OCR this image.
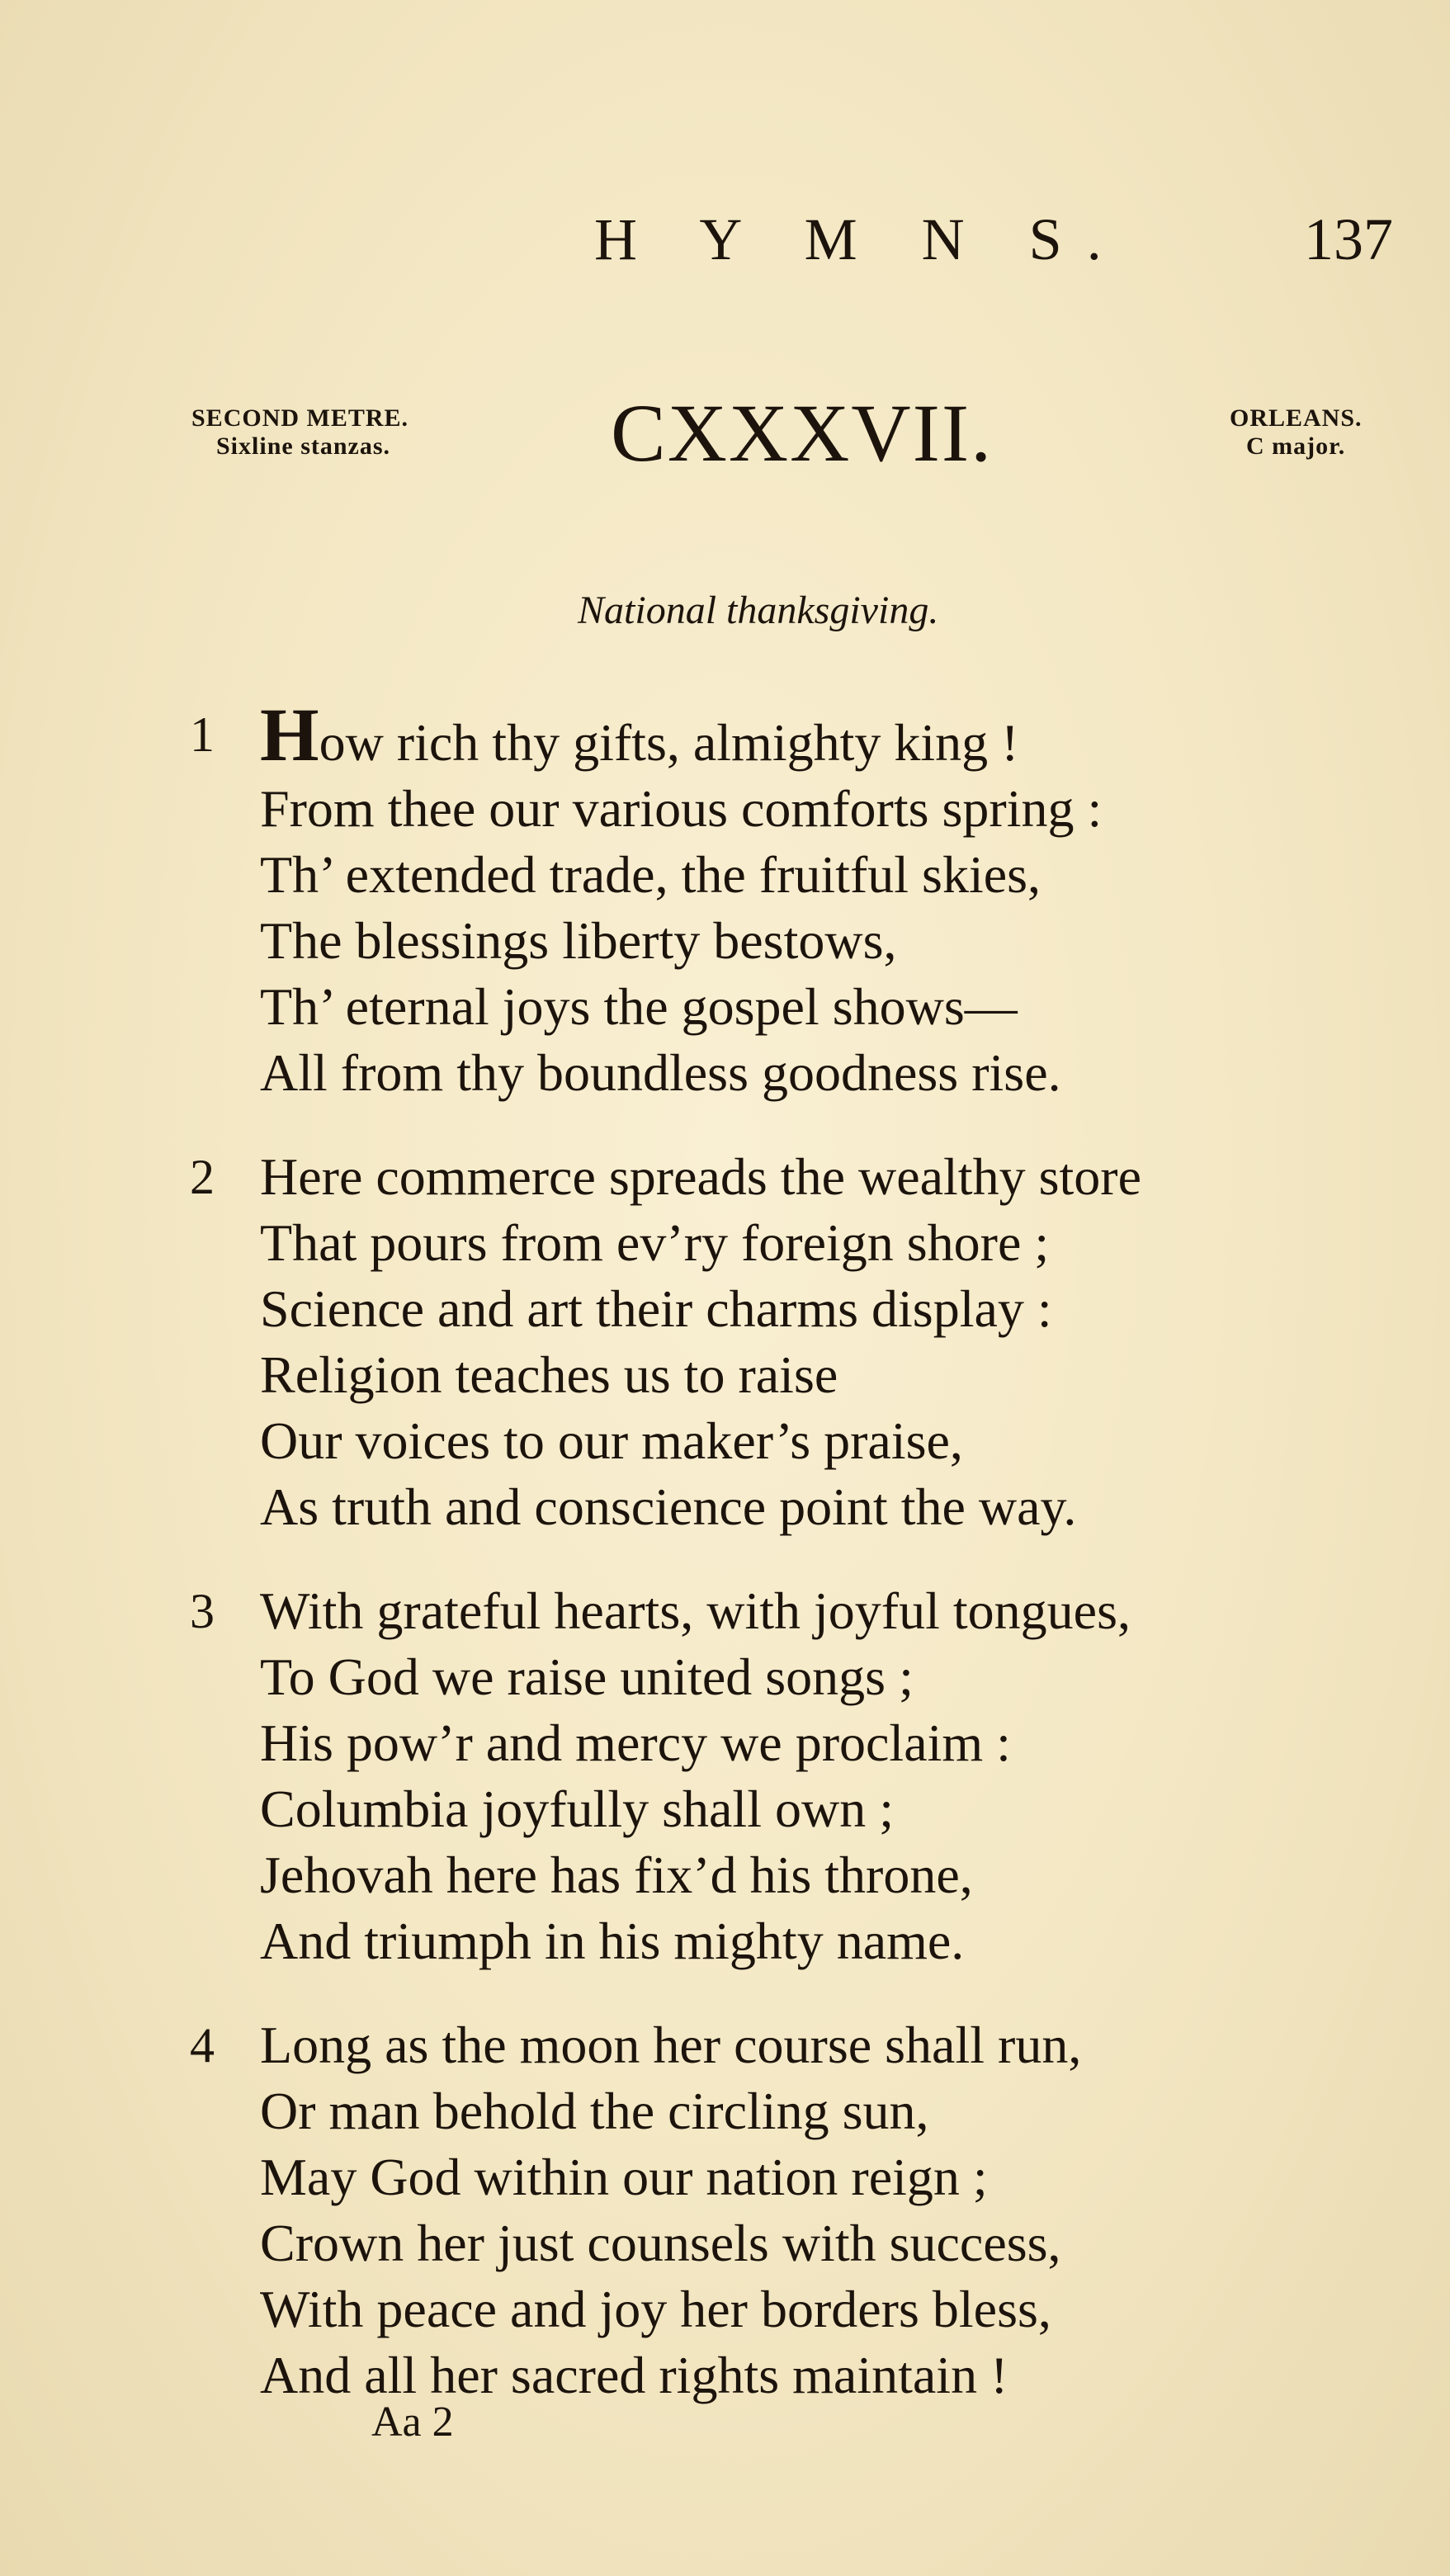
H Y M N S.	137
SECOND METRE.
Sixline stanzas.	CXXXVII.	ORLEANS.
C major.
National thanksgiving.
1 How rich thy gifts, almighty king !
From thee our various comforts spring :
Th’ extended trade, the fruitful skies,
The blessings liberty bestows,
Th’ eternal joys the gospel shows—
All from thy boundless goodness rise.
2 Here commerce spreads the wealthy store
That pours from ev’ry foreign shore ;
Science and art their charms display :
Religion teaches us to raise
Our voices to our maker’s praise,
As truth and conscience point the way.
3 With grateful hearts, with joyful tongues,
To God we raise united songs ;
His pow’r and mercy we proclaim :
Columbia joyfully shall own ;
Jehovah here has fix’d his throne,
And triumph in his mighty name.
4 Long as the moon her course shall run,
Or man behold the circling sun,
May God within our nation reign ;
Crown her just counsels with success,
With peace and joy her borders bless,
And all her sacred rights maintain !
Aa 2
